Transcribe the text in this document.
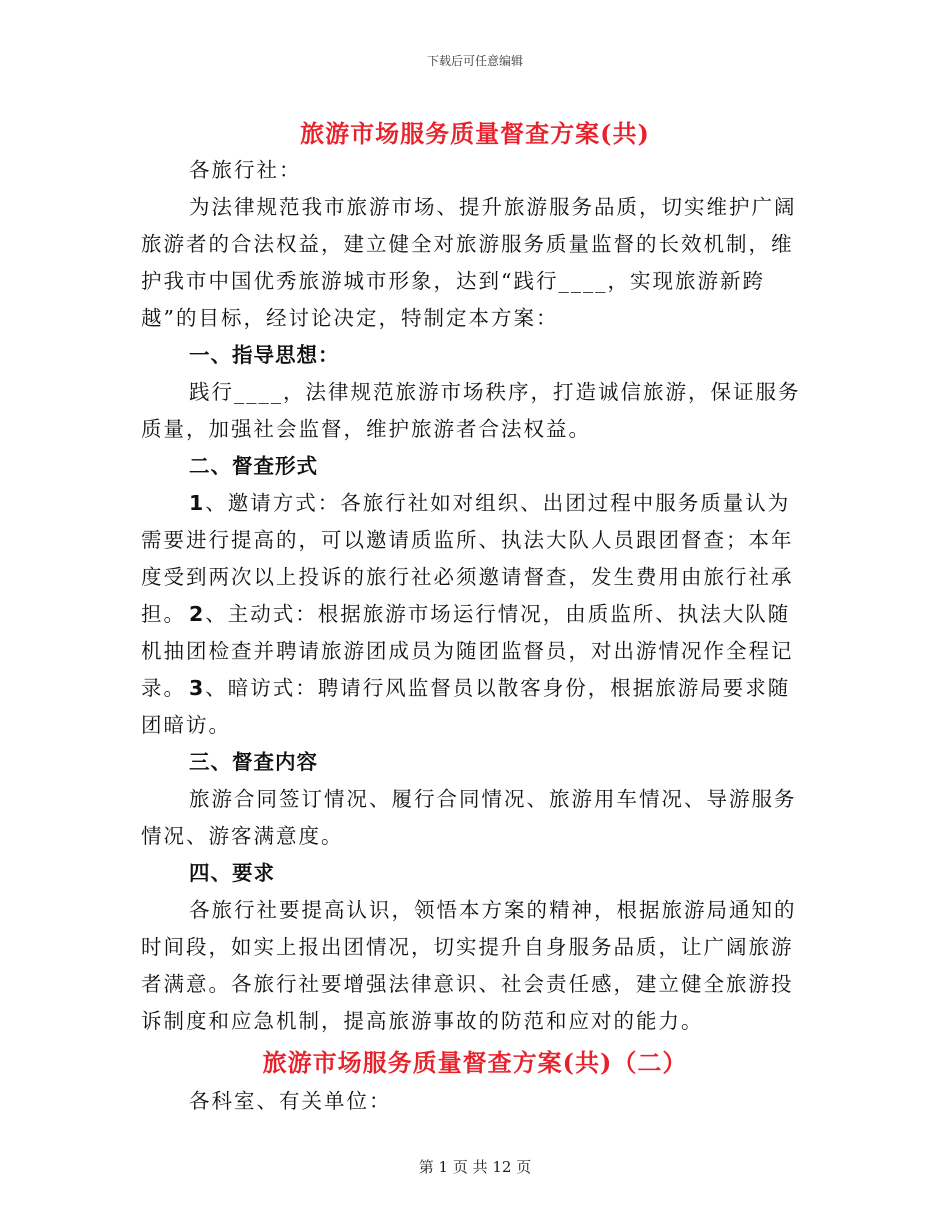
下载后可任意编辑
旅游市场服务质量督查方案(共)

各旅行社：

为法律规范我市旅游市场、提升旅游服务品质，切实维护广阔旅游者的合法权益，建立健全对旅游服务质量监督的长效机制，维护我市中国优秀旅游城市形象，达到“践行____，实现旅游新跨越”的目标，经讨论决定，特制定本方案：

一、指导思想：

践行____，法律规范旅游市场秩序，打造诚信旅游，保证服务质量，加强社会监督，维护旅游者合法权益。

二、督查形式

1、邀请方式：各旅行社如对组织、出团过程中服务质量认为需要进行提高的，可以邀请质监所、执法大队人员跟团督查；本年度受到两次以上投诉的旅行社必须邀请督查，发生费用由旅行社承担。 2、主动式：根据旅游市场运行情况，由质监所、执法大队随机抽团检查并聘请旅游团成员为随团监督员，对出游情况作全程记录。 3、暗访式：聘请行风监督员以散客身份，根据旅游局要求随团暗访。

三、督查内容

旅游合同签订情况、履行合同情况、旅游用车情况、导游服务情况、游客满意度。

四、要求

各旅行社要提高认识，领悟本方案的精神，根据旅游局通知的时间段，如实上报出团情况，切实提升自身服务品质，让广阔旅游者满意。各旅行社要增强法律意识、社会责任感，建立健全旅游投诉制度和应急机制，提高旅游事故的防范和应对的能力。

旅游市场服务质量督查方案(共)（二）

各科室、有关单位：

第 1 页 共 12 页
